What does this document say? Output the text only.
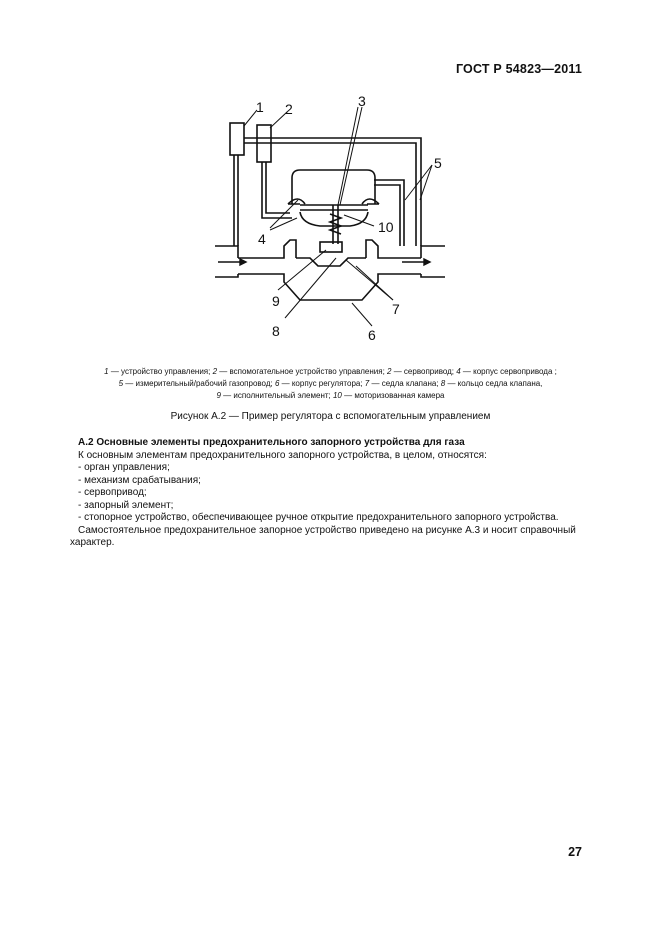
ГОСТ Р 54823—2011
1 2	3
4
5
6
7
8
9
10
1 — устройство управления; 2 — вспомогательное устройство управления; 2 — сервопривод; 4 — корпус сервопривода ;
5 — измерительный/рабочий газопровод; 6 — корпус регулятора; 7 — седла клапана; 8 — кольцо седла клапана,
9 — исполнительный элемент; 10 — моторизованная камера
Рисунок А.2 — Пример регулятора с вспомогательным управлением

А.2 Основные элементы предохранительного запорного устройства для газа

К основным элементам предохранительного запорного устройства, в целом, относятся:

- орган управления;

- механизм срабатывания;

- сервопривод;

- запорный элемент;

- стопорное устройство, обеспечивающее ручное открытие предохранительного запорного устройства.

Самостоятельное предохранительное запорное устройство приведено на рисунке А.3 и носит справочный

характер.

27
